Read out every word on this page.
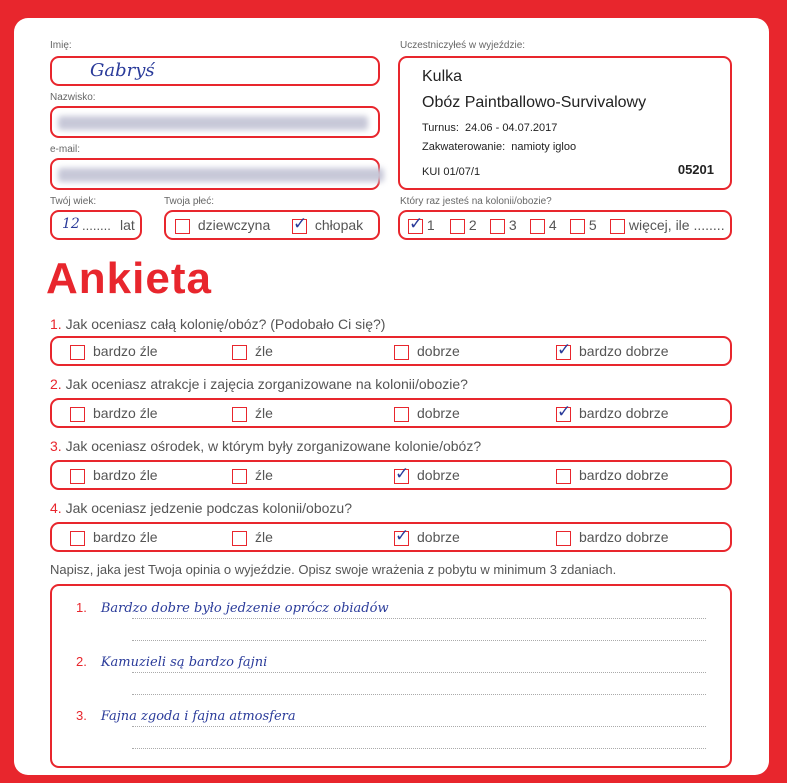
Imię:
Gabryś
Nazwisko:
e-mail:
Twój wiek:
12 ........ lat
Twoja płeć:
dziewczyna ✓	chłopak
Uczestniczyłeś w wyjeździe:
Kulka
Obóz Paintballowo-Survivalowy
Turnus: 24.06 - 04.07.2017
Zakwaterowanie: namioty igloo
KUI 01/07/1	05201
Który raz jesteś na kolonii/obozie?
✓ 1	2	3	4	5	więcej, ile ........
Ankieta
1. Jak oceniasz całą kolonię/obóz? (Podobało Ci się?)
bardzo źle	źle	dobrze ✓	bardzo dobrze
2. Jak oceniasz atrakcje i zajęcia zorganizowane na kolonii/obozie?
bardzo źle	źle	dobrze ✓	bardzo dobrze
3. Jak oceniasz ośrodek, w którym były zorganizowane kolonie/obóz?
bardzo źle	źle ✓	dobrze	bardzo dobrze
4. Jak oceniasz jedzenie podczas kolonii/obozu?
bardzo źle	źle ✓	dobrze	bardzo dobrze
Napisz, jaka jest Twoja opinia o wyjeździe. Opisz swoje wrażenia z pobytu w minimum 3 zdaniach.
1. Bardzo dobre było jedzenie oprócz obiadów
2. Kamuzieli są bardzo fajni
3. Fajna zgoda i fajna atmosfera
